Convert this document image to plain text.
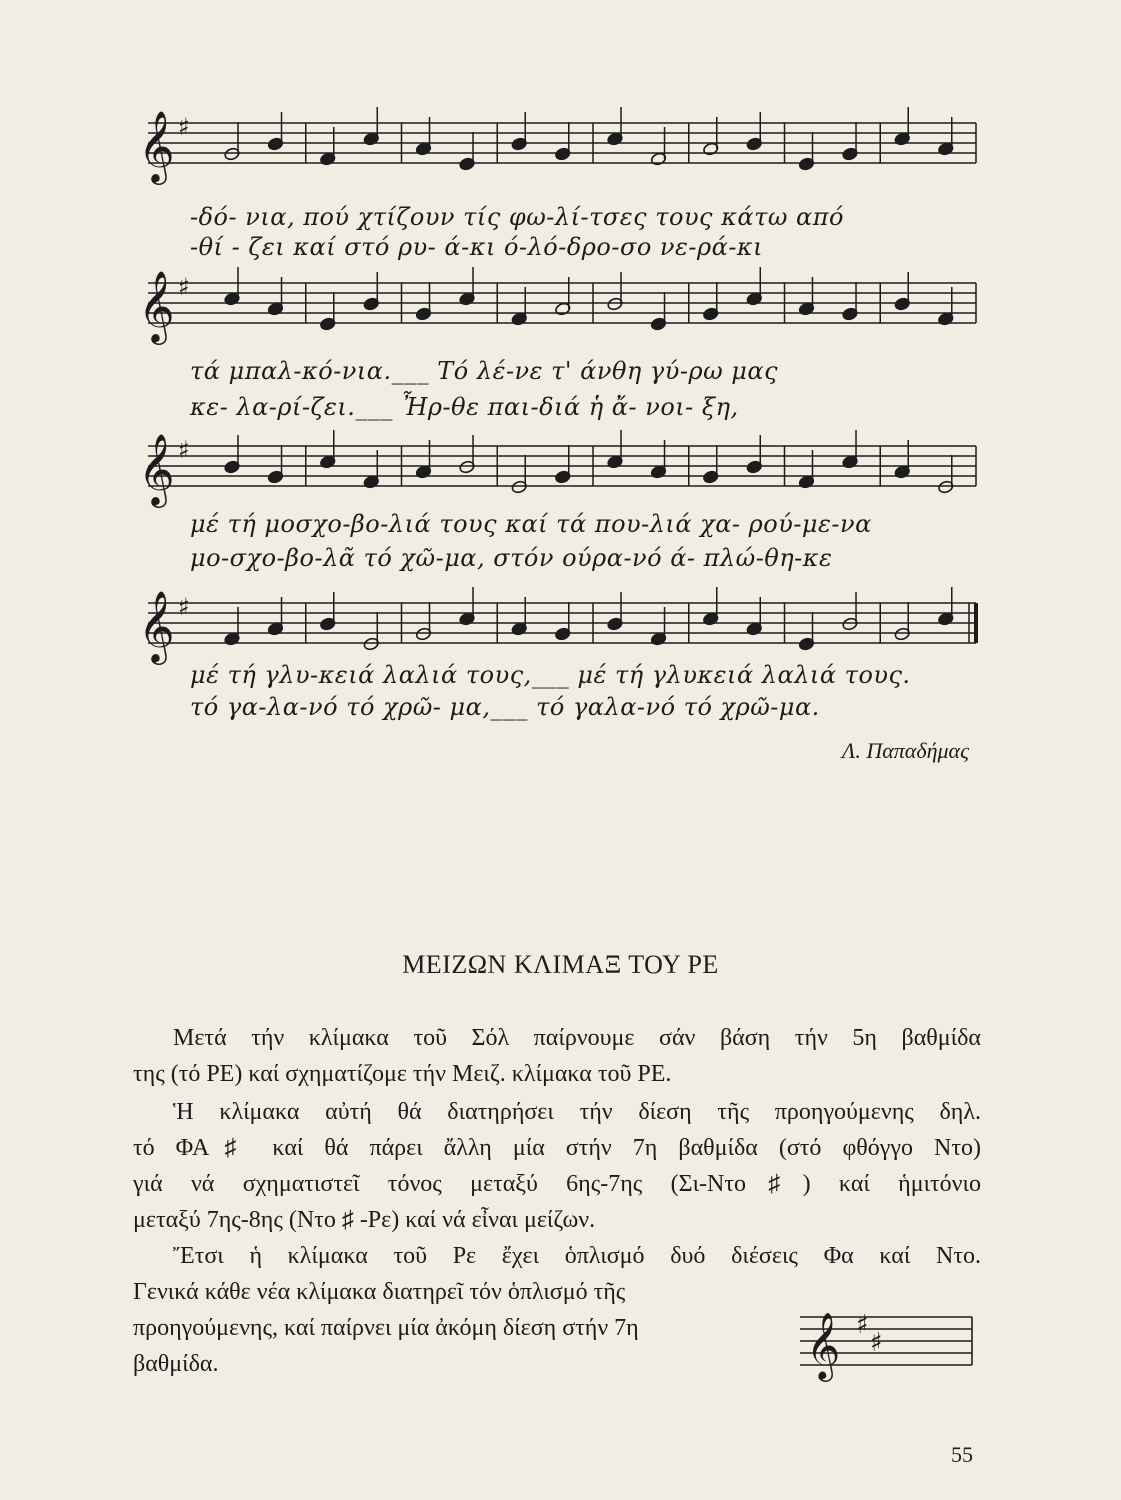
𝄞 ♯
-δό- νια, πού χτίζουν τίς φω-λί-τσες τους κάτω από
-θί - ζει καί στό ρυ- ά-κι ό-λό-δρο-σο νε-ρά-κι
𝄞 ♯
τά μπαλ-κό-νια.___ Τό λέ-νε τ' άνθη γύ-ρω μας
κε- λα-ρί-ζει.___ Ἦρ-θε παι-διά ἡ ἄ- νοι- ξη,
𝄞 ♯
μέ τή μοσχο-βο-λιά τους καί τά που-λιά χα- ρού-με-να
μο-σχο-βο-λᾶ τό χῶ-μα, στόν ούρα-νό ά- πλώ-θη-κε
𝄞 ♯
μέ τή γλυ-κειά λαλιά τους,___ μέ τή γλυκειά λαλιά τους.
τό γα-λα-νό τό χρῶ- μα,___ τό γαλα-νό τό χρῶ-μα.
Λ. Παπαδήμας
ΜΕΙΖΩΝ ΚΛΙΜΑΞ ΤΟΥ ΡΕ

Μετά τήν κλίμακα τοῦ Σόλ παίρνουμε σάν βάση τήν 5η βαθμίδα

της (τό ΡΕ) καί σχηματίζομε τήν Μειζ. κλίμακα τοῦ ΡΕ.

Ἡ κλίμακα αὐτή θά διατηρήσει τήν δίεση τῆς προηγούμενης δηλ.

τό ΦΑ♯ καί θά πάρει ἄλλη μία στήν 7η βαθμίδα (στό φθόγγο Ντο)

γιά νά σχηματιστεῖ τόνος μεταξύ 6ης-7ης (Σι-Ντο♯) καί ἡμιτόνιο

μεταξύ 7ης-8ης (Ντο ♯ -Ρε) καί νά εἶναι μείζων.

Ἔτσι ἡ κλίμακα τοῦ Ρε ἔχει ὁπλισμό δυό διέσεις Φα καί Ντο.

Γενικά κάθε νέα κλίμακα διατηρεῖ τόν ὁπλισμό τῆς

προηγούμενης, καί παίρνει μία ἀκόμη δίεση στήν 7η

βαθμίδα.	𝄞 ♯
♯
55
